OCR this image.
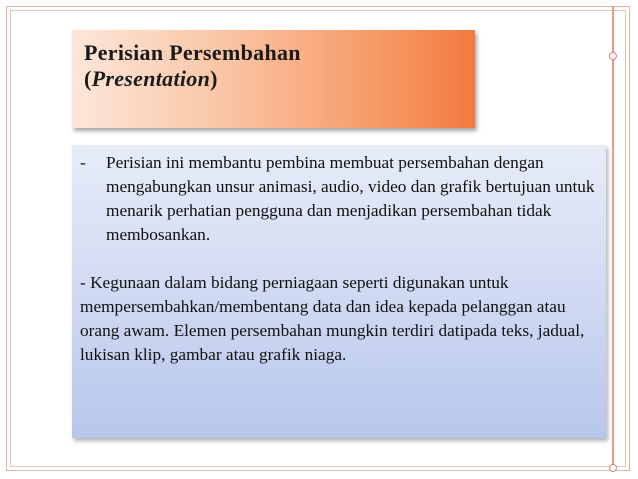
Perisian Persembahan
(Presentation)
-	Perisian ini membantu pembina membuat persembahan dengan mengabungkan unsur animasi, audio, video dan grafik bertujuan untuk menarik perhatian pengguna dan menjadikan persembahan tidak membosankan.
- Kegunaan dalam bidang perniagaan seperti digunakan untuk mempersembahkan/membentang data dan idea kepada pelanggan atau orang awam. Elemen persembahan mungkin terdiri datipada teks, jadual, lukisan klip, gambar atau grafik niaga.
